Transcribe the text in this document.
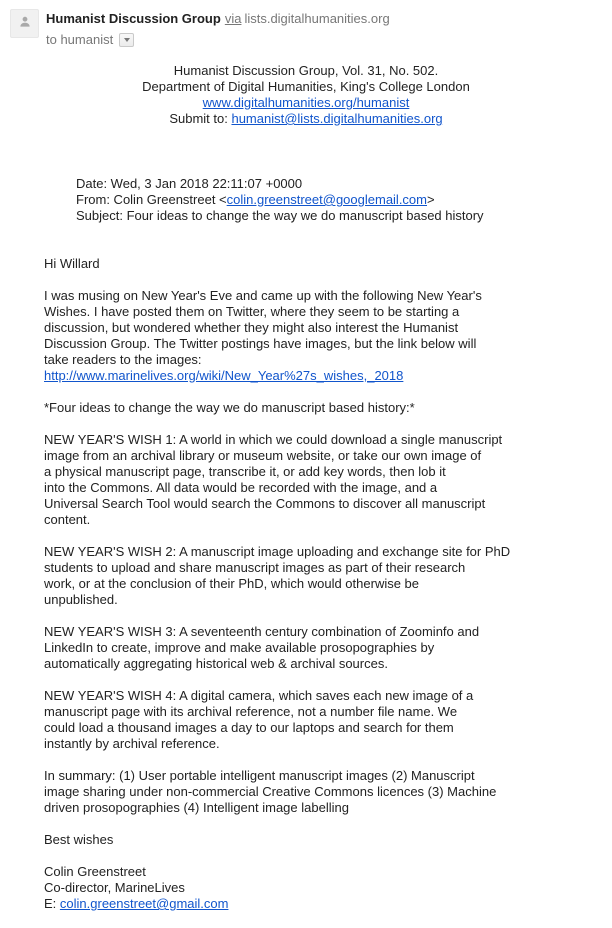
Humanist Discussion Group via lists.digitalhumanities.org
to humanist
Humanist Discussion Group, Vol. 31, No. 502.
Department of Digital Humanities, King's College London
www.digitalhumanities.org/humanist
Submit to: humanist@lists.digitalhumanities.org
Date: Wed, 3 Jan 2018 22:11:07 +0000
From: Colin Greenstreet <colin.greenstreet@googlemail.com>
Subject: Four ideas to change the way we do manuscript based history
Hi Willard

I was musing on New Year's Eve and came up with the following New Year's
Wishes. I have posted them on Twitter, where they seem to be starting a
discussion, but wondered whether they might also interest the Humanist
Discussion Group. The Twitter postings have images, but the link below will
take readers to the images:
http://www.marinelives.org/wiki/New_Year%27s_wishes,_2018

*Four ideas to change the way we do manuscript based history:*

NEW YEAR'S WISH 1: A world in which we could download a single manuscript
image from an archival library or museum website, or take our own image of
a physical manuscript page, transcribe it, or add key words, then lob it
into the Commons. All data would be recorded with the image, and a
Universal Search Tool would search the Commons to discover all manuscript
content.

NEW YEAR'S WISH 2: A manuscript image uploading and exchange site for PhD
students to upload and share manuscript images as part of their research
work, or at the conclusion of their PhD, which would otherwise be
unpublished.

NEW YEAR'S WISH 3: A seventeenth century combination of Zoominfo and
LinkedIn to create, improve and make available prosopographies by
automatically aggregating historical web & archival sources.

NEW YEAR'S WISH 4: A digital camera, which saves each new image of a
manuscript page with its archival reference, not a number file name. We
could load a thousand images a day to our laptops and search for them
instantly by archival reference.

In summary: (1) User portable intelligent manuscript images (2) Manuscript
image sharing under non-commercial Creative Commons licences (3) Machine
driven prosopographies (4) Intelligent image labelling

Best wishes

Colin Greenstreet
Co-director, MarineLives
E: colin.greenstreet@gmail.com
